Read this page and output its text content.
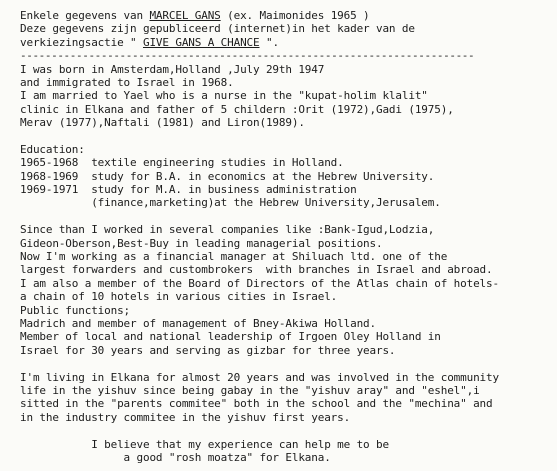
Enkele gegevens van MARCEL GANS (ex. Maimonides 1965 )
Deze gegevens zijn gepubliceerd (internet)in het kader van de
verkiezingsactie " GIVE GANS A CHANCE ".
-------------------------------------------------------------------------
I was born in Amsterdam,Holland ,July 29th 1947
and immigrated to Israel in 1968.
I am married to Yael who is a nurse in the "kupat-holim klalit"
clinic in Elkana and father of 5 childern :Orit (1972),Gadi (1975),
Merav (1977),Naftali (1981) and Liron(1989).
Education:
1965-1968  textile engineering studies in Holland.
1968-1969  study for B.A. in economics at the Hebrew University.
1969-1971  study for M.A. in business administration
(finance,marketing)at the Hebrew University,Jerusalem.
Since than I worked in several companies like :Bank-Igud,Lodzia,
Gideon-Oberson,Best-Buy in leading managerial positions.
Now I'm working as a financial manager at Shiluach ltd. one of the
largest forwarders and custombrokers  with branches in Israel and abroad.
I am also a member of the Board of Directors of the Atlas chain of hotels-
a chain of 10 hotels in various cities in Israel.
Public functions;
Madrich and member of management of Bney-Akiwa Holland.
Member of local and national leadership of Irgoen Oley Holland in
Israel for 30 years and serving as gizbar for three years.
I'm living in Elkana for almost 20 years and was involved in the community
life in the yishuv since being gabay in the "yishuv aray" and "eshel",i
sitted in the "parents commitee" both in the school and the "mechina" and
in the industry commitee in the yishuv first years.
I believe that my experience can help me to be
a good "rosh moatza" for Elkana.
